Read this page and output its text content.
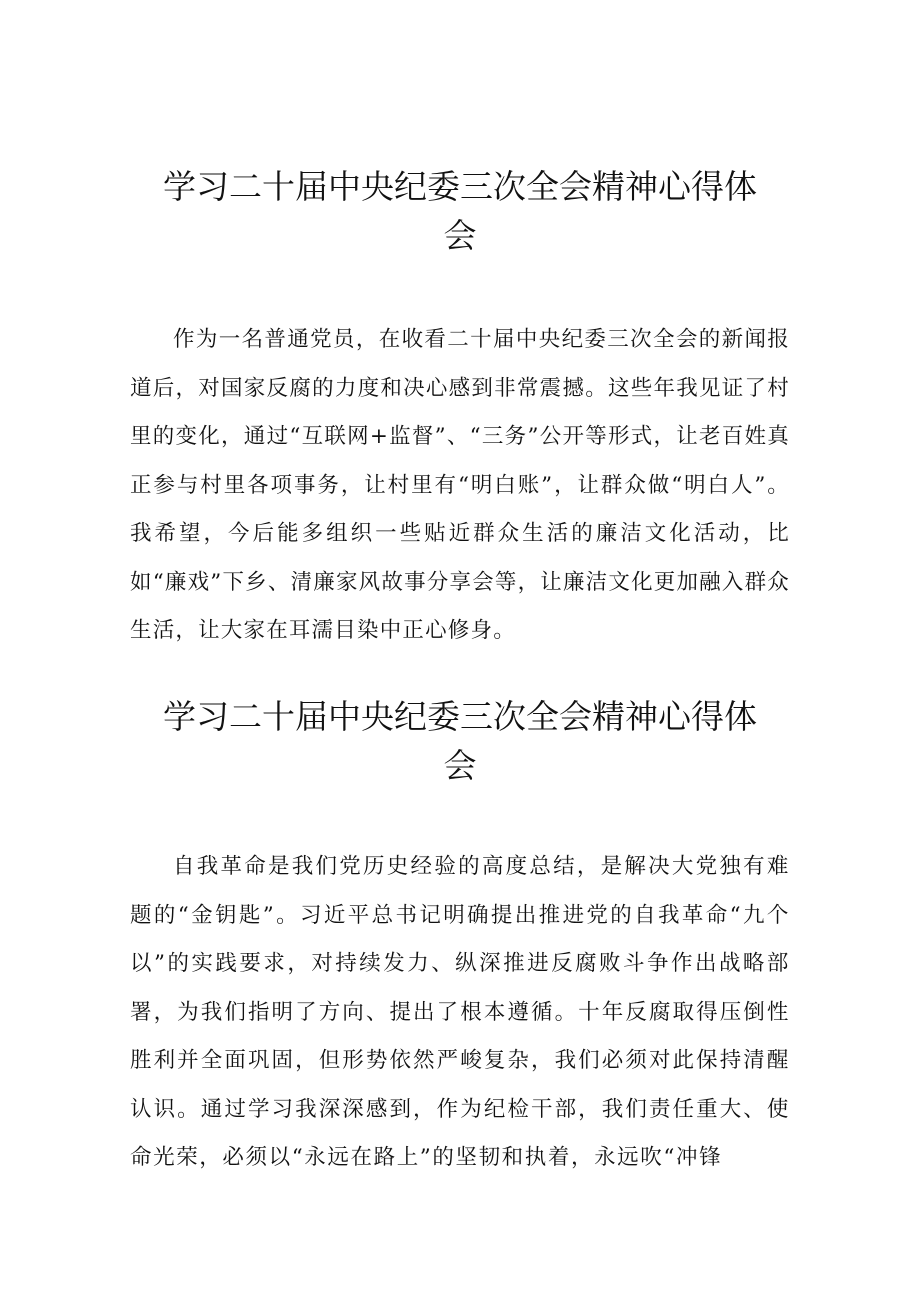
学习二十届中央纪委三次全会精神心得体会

作为一名普通党员，在收看二十届中央纪委三次全会的新闻报道后，对国家反腐的力度和决心感到非常震撼。这些年我见证了村里的变化，通过“互联网+监督”、“三务”公开等形式，让老百姓真正参与村里各项事务，让村里有“明白账”，让群众做“明白人”。我希望，今后能多组织一些贴近群众生活的廉洁文化活动，比如“廉戏”下乡、清廉家风故事分享会等，让廉洁文化更加融入群众生活，让大家在耳濡目染中正心修身。

学习二十届中央纪委三次全会精神心得体会

自我革命是我们党历史经验的高度总结，是解决大党独有难题的“金钥匙”。习近平总书记明确提出推进党的自我革命“九个以”的实践要求，对持续发力、纵深推进反腐败斗争作出战略部署，为我们指明了方向、提出了根本遵循。十年反腐取得压倒性胜利并全面巩固，但形势依然严峻复杂，我们必须对此保持清醒认识。通过学习我深深感到，作为纪检干部，我们责任重大、使命光荣，必须以“永远在路上”的坚韧和执着，永远吹“冲锋
